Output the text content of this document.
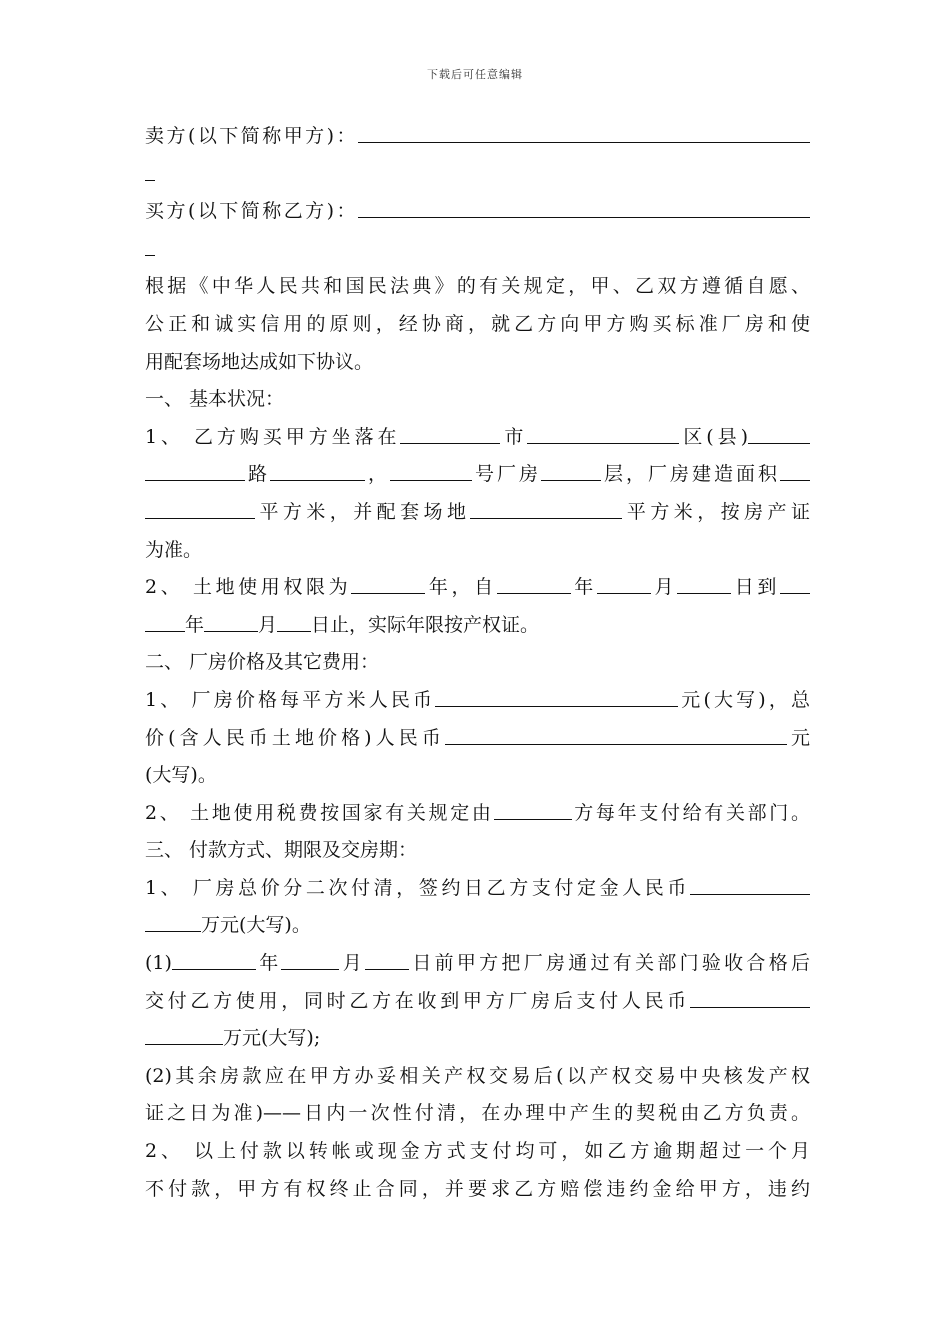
下载后可任意编辑
卖方(以下简称甲方)：
买方(以下简称乙方)：
根据《中华人民共和国民法典》的有关规定，甲、乙双方遵循自愿、
公正和诚实信用的原则，经协商，就乙方向甲方购买标准厂房和使
用配套场地达成如下协议。
一、 基本状况：
1、 乙方购买甲方坐落在	市	区(县)
路	，	号厂房	层，厂房建造面积
平方米，并配套场地	平方米，按房产证
为准。
2、 土地使用权限为	年，自	年	月	日到
年	月 日止，实际年限按产权证。
二、 厂房价格及其它费用：
1、 厂房价格每平方米人民币	元(大写)，总
价(含人民币土地价格)人民币	元
(大写)。
2、 土地使用税费按国家有关规定由	方每年支付给有关部门。
三、 付款方式、期限及交房期：
1、 厂房总价分二次付清，签约日乙方支付定金人民币
万元(大写)。
(1)	年	月 日前甲方把厂房通过有关部门验收合格后
交付乙方使用，同时乙方在收到甲方厂房后支付人民币
万元(大写);
(2)其余房款应在甲方办妥相关产权交易后(以产权交易中央核发产权
证之日为准)——日内一次性付清，在办理中产生的契税由乙方负责。
2、 以上付款以转帐或现金方式支付均可，如乙方逾期超过一个月
不付款，甲方有权终止合同，并要求乙方赔偿违约金给甲方，违约
